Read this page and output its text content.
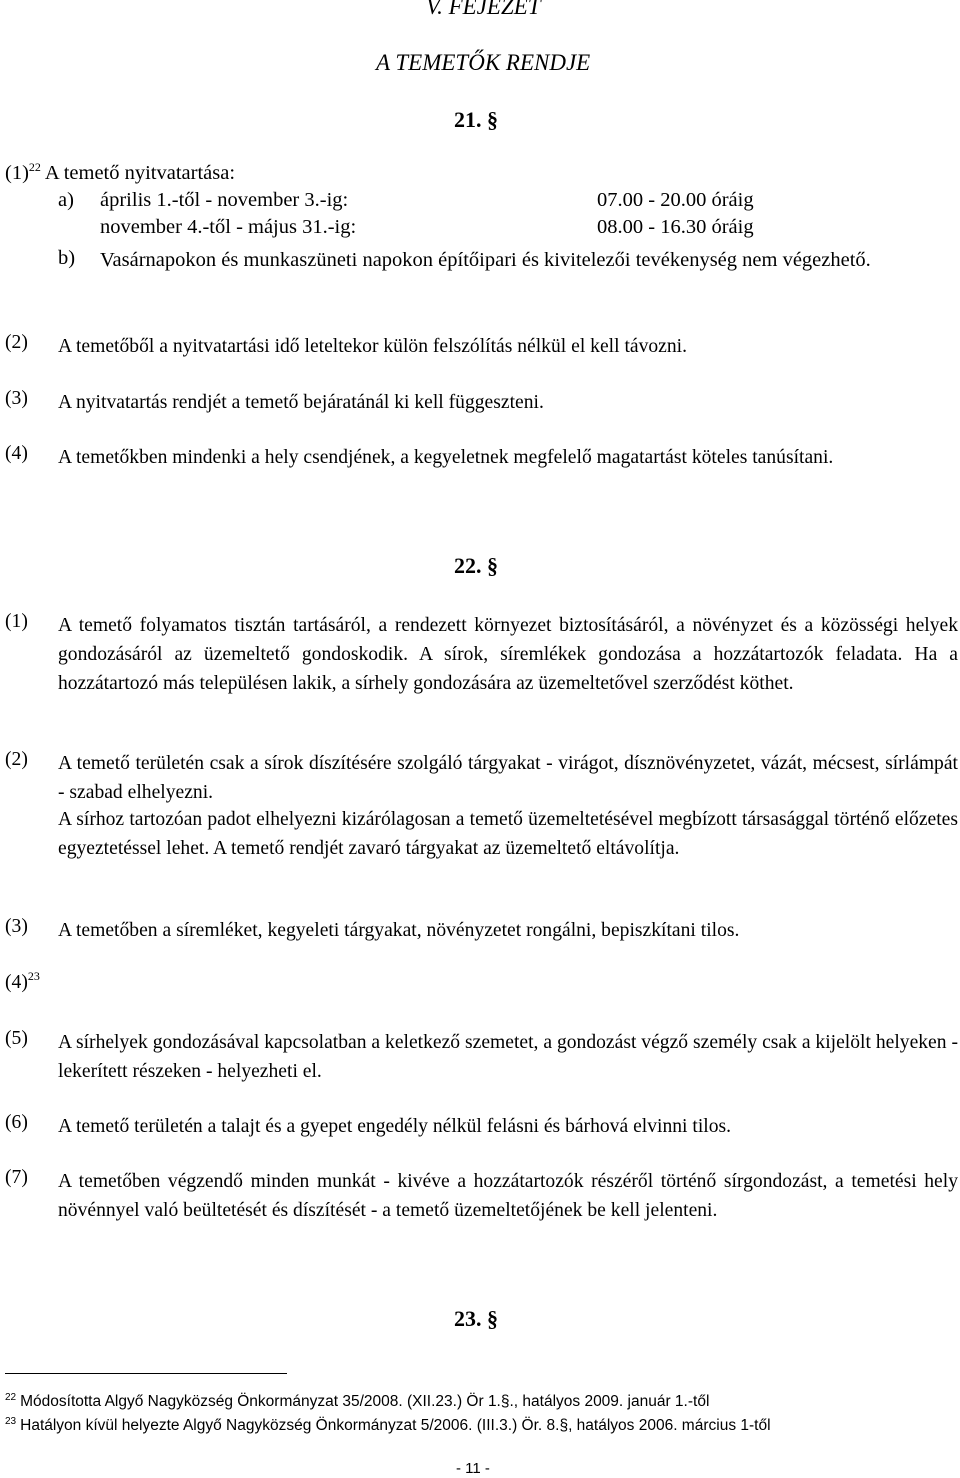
V. FEJEZET
A TEMETŐK RENDJE
21. §
$(1)^{22}$ A temető nyitvatartása:
a) április 1.-től - november 3.-ig:	07.00 - 20.00 óráig
november 4.-től - május 31.-ig:	08.00 - 16.30 óráig
b) Vasárnapokon és munkaszüneti napokon építőipari és kivitelezői tevékenység nem végezhető.

(2) A temetőből a nyitvatartási idő leteltekor külön felszólítás nélkül el kell távozni.

(3) A nyitvatartás rendjét a temető bejáratánál ki kell függeszteni.

(4) A temetőkben mindenki a hely csendjének, a kegyeletnek megfelelő magatartást köteles tanúsítani.

22. §
(1) A temető folyamatos tisztán tartásáról, a rendezett környezet biztosításáról, a növényzet és a közösségi helyek gondozásáról az üzemeltető gondoskodik. A sírok, síremlékek gondozása a hozzátartozók feladata. Ha a hozzátartozó más településen lakik, a sírhely gondozására az üzemeltetővel szerződést köthet.

(2) A temető területén csak a sírok díszítésére szolgáló tárgyakat - virágot, dísznövényzetet, vázát, mécsest, sírlámpát - szabad elhelyezni.

A sírhoz tartozóan padot elhelyezni kizárólagosan a temető üzemeltetésével megbízott társasággal történő előzetes egyeztetéssel lehet. A temető rendjét zavaró tárgyakat az üzemeltető eltávolítja.

(3) A temetőben a síremléket, kegyeleti tárgyakat, növényzetet rongálni, bepiszkítani tilos.

$(4)^{23}$
(5) A sírhelyek gondozásával kapcsolatban a keletkező szemetet, a gondozást végző személy csak a kijelölt helyeken - lekerített részeken - helyezheti el.

(6) A temető területén a talajt és a gyepet engedély nélkül felásni és bárhová elvinni tilos.

(7) A temetőben végzendő minden munkát - kivéve a hozzátartozók részéről történő sírgondozást, a temetési hely növénnyel való beültetését és díszítését - a temető üzemeltetőjének be kell jelenteni.

23. §
$^{22}$ Módosította Algyő Nagyközség Önkormányzat 35/2008. (XII.23.) Ör 1.§., hatályos 2009. január 1.-től
$^{23}$ Hatályon kívül helyezte Algyő Nagyközség Önkormányzat 5/2006. (III.3.) Ör. 8.§, hatályos 2006. március 1-től
- 11 -
